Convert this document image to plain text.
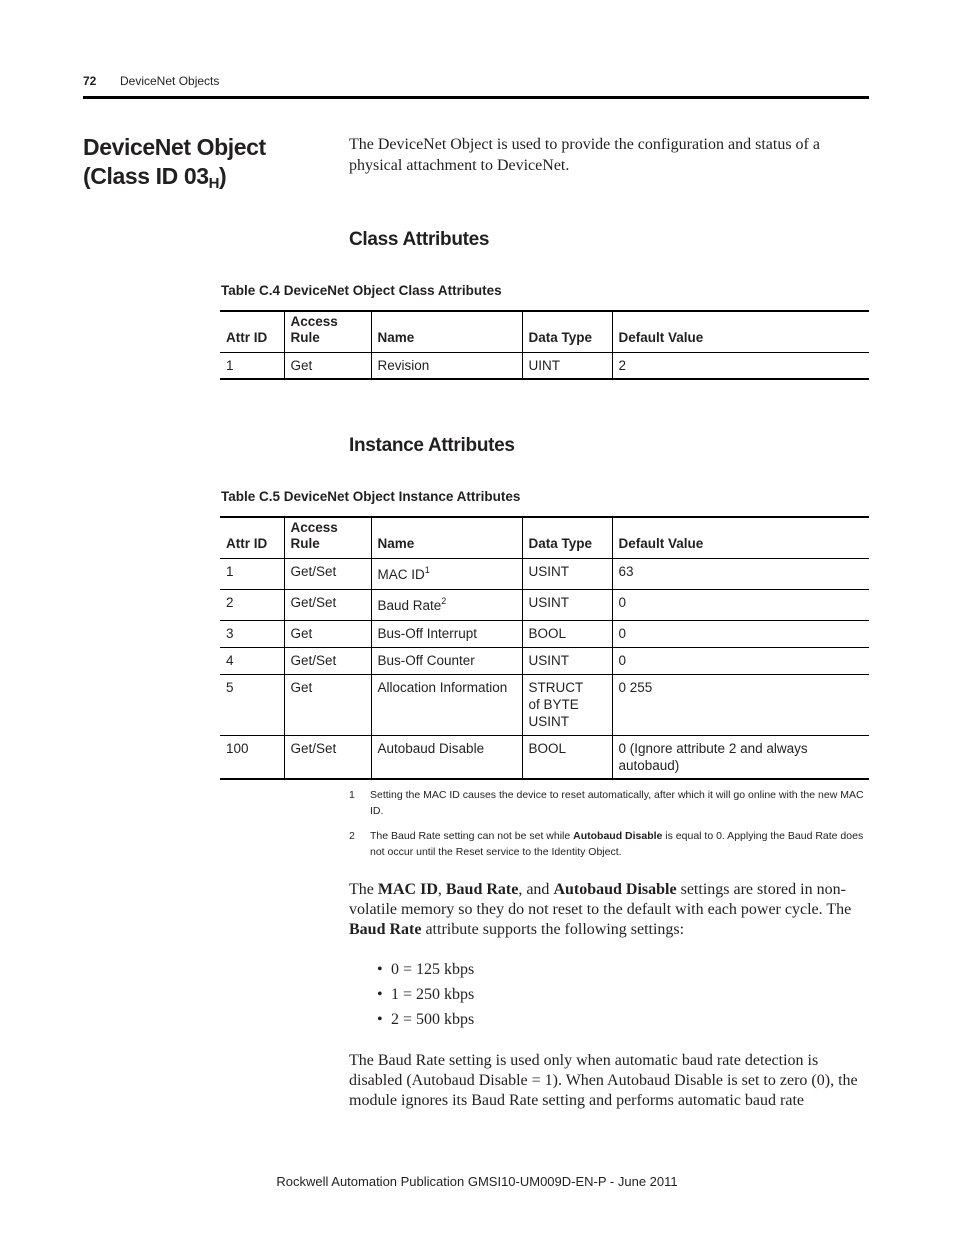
72 DeviceNet Objects
DeviceNet Object
(Class ID $03_H$)
The DeviceNet Object is used to provide the configuration and status of a physical attachment to DeviceNet.
Class Attributes
Table C.4 DeviceNet Object Class Attributes
Attr ID	Access Rule	Name	Data Type	Default Value
1	Get	Revision	UINT	2
Instance Attributes
Table C.5 DeviceNet Object Instance Attributes
Attr ID	Access Rule	Name	Data Type	Default Value
1	Get/Set	MAC $ID^1$	USINT	63
2	Get/Set	Baud Rate$^2$	USINT	0
3	Get	Bus-Off Interrupt	BOOL	0
4	Get/Set	Bus-Off Counter	USINT	0
5	Get	Allocation Information	STRUCT of BYTE USINT	0 255
100	Get/Set	Autobaud Disable	BOOL	0 (Ignore attribute 2 and always autobaud)
1 Setting the MAC ID causes the device to reset automatically, after which it will go online with the new MAC ID.
2 The Baud Rate setting can not be set while Autobaud Disable is equal to 0. Applying the Baud Rate does not occur until the Reset service to the Identity Object.
The MAC ID, Baud Rate, and Autobaud Disable settings are stored in non-volatile memory so they do not reset to the default with each power cycle. The Baud Rate attribute supports the following settings:
• 0 = 125 kbps
• 1 = 250 kbps
• 2 = 500 kbps
The Baud Rate setting is used only when automatic baud rate detection is disabled (Autobaud Disable = 1). When Autobaud Disable is set to zero (0), the module ignores its Baud Rate setting and performs automatic baud rate
Rockwell Automation Publication GMSI10-UM009D-EN-P - June 2011
